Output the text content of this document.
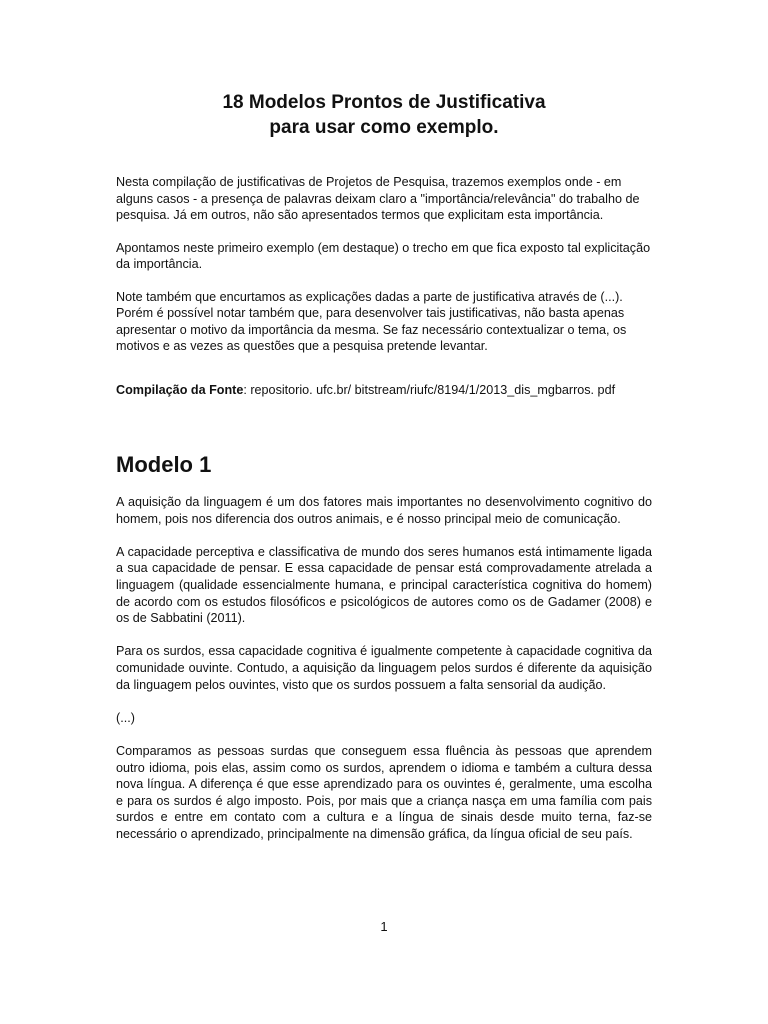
18 Modelos Prontos de Justificativa
para usar como exemplo.

Nesta compilação de justificativas de Projetos de Pesquisa, trazemos exemplos onde - em alguns casos - a presença de palavras deixam claro a "importância/relevância" do trabalho de pesquisa. Já em outros, não são apresentados termos que explicitam esta importância.

Apontamos neste primeiro exemplo (em destaque) o trecho em que fica exposto tal explicitação da importância.

Note também que encurtamos as explicações dadas a parte de justificativa através de (...). Porém é possível notar também que, para desenvolver tais justificativas, não basta apenas apresentar o motivo da importância da mesma. Se faz necessário contextualizar o tema, os motivos e as vezes as questões que a pesquisa pretende levantar.

Compilação da Fonte: repositorio. ufc.br/ bitstream/riufc/8194/1/2013_dis_mgbarros. pdf
Modelo 1

A aquisição da linguagem é um dos fatores mais importantes no desenvolvimento cognitivo do homem, pois nos diferencia dos outros animais, e é nosso principal meio de comunicação.

A capacidade perceptiva e classificativa de mundo dos seres humanos está intimamente ligada a sua capacidade de pensar. E essa capacidade de pensar está comprovadamente atrelada a linguagem (qualidade essencialmente humana, e principal característica cognitiva do homem) de acordo com os estudos filosóficos e psicológicos de autores como os de Gadamer (2008) e os de Sabbatini (2011).

Para os surdos, essa capacidade cognitiva é igualmente competente à capacidade cognitiva da comunidade ouvinte. Contudo, a aquisição da linguagem pelos surdos é diferente da aquisição da linguagem pelos ouvintes, visto que os surdos possuem a falta sensorial da audição.

(...)

Comparamos as pessoas surdas que conseguem essa fluência às pessoas que aprendem outro idioma, pois elas, assim como os surdos, aprendem o idioma e também a cultura dessa nova língua. A diferença é que esse aprendizado para os ouvintes é, geralmente, uma escolha e para os surdos é algo imposto. Pois, por mais que a criança nasça em uma família com pais surdos e entre em contato com a cultura e a língua de sinais desde muito terna, faz-se necessário o aprendizado, principalmente na dimensão gráfica, da língua oficial de seu país.

1
